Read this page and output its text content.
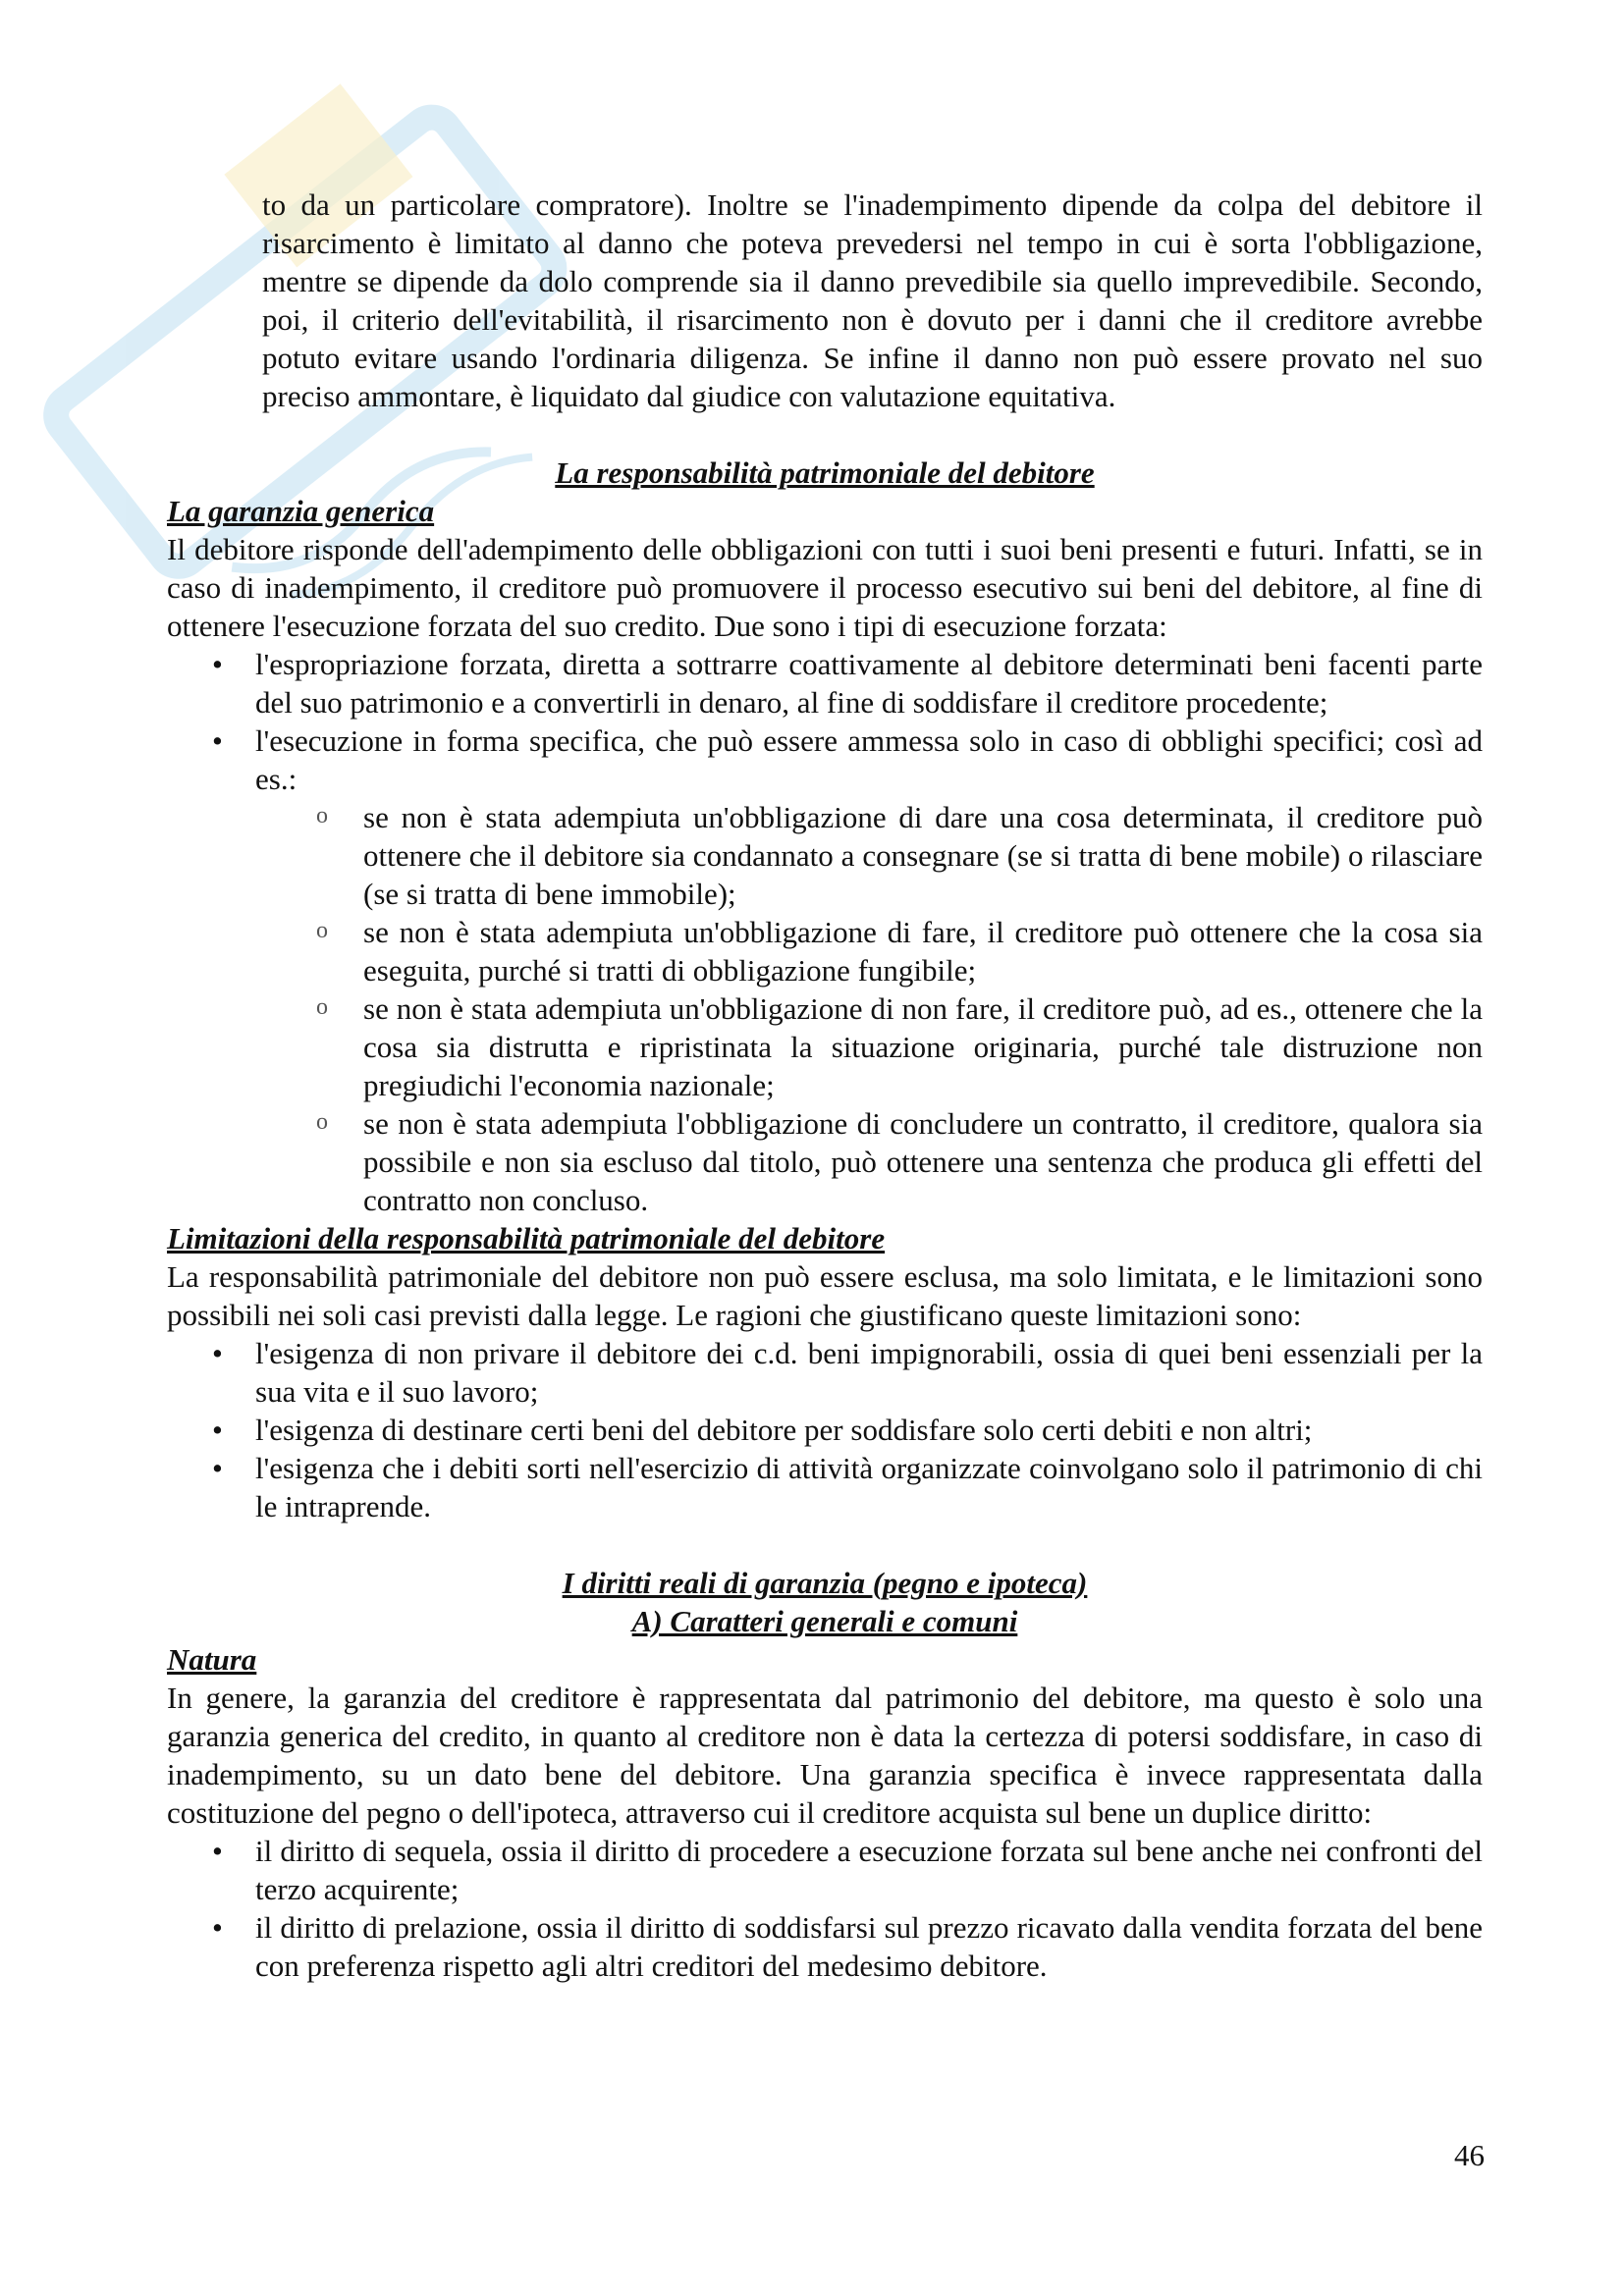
to da un particolare compratore). Inoltre se l'inadempimento dipende da colpa del debitore il risarcimento è limitato al danno che poteva prevedersi nel tempo in cui è sorta l'obbligazione, mentre se dipende da dolo comprende sia il danno prevedibile sia quello imprevedibile. Secondo, poi, il criterio dell'evitabilità, il risarcimento non è dovuto per i danni che il creditore avrebbe potuto evitare usando l'ordinaria diligenza. Se infine il danno non può essere provato nel suo preciso ammontare, è liquidato dal giudice con valutazione equitativa.

La responsabilità patrimoniale del debitore

La garanzia generica

Il debitore risponde dell'adempimento delle obbligazioni con tutti i suoi beni presenti e futuri. Infatti, se in caso di inadempimento, il creditore può promuovere il processo esecutivo sui beni del debitore, al fine di ottenere l'esecuzione forzata del suo credito. Due sono i tipi di esecuzione forzata:

• l'espropriazione forzata, diretta a sottrarre coattivamente al debitore determinati beni facenti parte del suo patrimonio e a convertirli in denaro, al fine di soddisfare il creditore procedente;
• l'esecuzione in forma specifica, che può essere ammessa solo in caso di obblighi specifici; così ad es.:
o se non è stata adempiuta un'obbligazione di dare una cosa determinata, il creditore può ottenere che il debitore sia condannato a consegnare (se si tratta di bene mobile) o rilasciare (se si tratta di bene immobile);
o se non è stata adempiuta un'obbligazione di fare, il creditore può ottenere che la cosa sia eseguita, purché si tratti di obbligazione fungibile;
o se non è stata adempiuta un'obbligazione di non fare, il creditore può, ad es., ottenere che la cosa sia distrutta e ripristinata la situazione originaria, purché tale distruzione non pregiudichi l'economia nazionale;
o se non è stata adempiuta l'obbligazione di concludere un contratto, il creditore, qualora sia possibile e non sia escluso dal titolo, può ottenere una sentenza che produca gli effetti del contratto non concluso.

Limitazioni della responsabilità patrimoniale del debitore

La responsabilità patrimoniale del debitore non può essere esclusa, ma solo limitata, e le limitazioni sono possibili nei soli casi previsti dalla legge. Le ragioni che giustificano queste limitazioni sono:

• l'esigenza di non privare il debitore dei c.d. beni impignorabili, ossia di quei beni essenziali per la sua vita e il suo lavoro;
• l'esigenza di destinare certi beni del debitore per soddisfare solo certi debiti e non altri;
• l'esigenza che i debiti sorti nell'esercizio di attività organizzate coinvolgano solo il patrimonio di chi le intraprende.

I diritti reali di garanzia (pegno e ipoteca)

A) Caratteri generali e comuni

Natura

In genere, la garanzia del creditore è rappresentata dal patrimonio del debitore, ma questo è solo una garanzia generica del credito, in quanto al creditore non è data la certezza di potersi soddisfare, in caso di inadempimento, su un dato bene del debitore. Una garanzia specifica è invece rappresentata dalla costituzione del pegno o dell'ipoteca, attraverso cui il creditore acquista sul bene un duplice diritto:

• il diritto di sequela, ossia il diritto di procedere a esecuzione forzata sul bene anche nei confronti del terzo acquirente;
• il diritto di prelazione, ossia il diritto di soddisfarsi sul prezzo ricavato dalla vendita forzata del bene con preferenza rispetto agli altri creditori del medesimo debitore.
46
